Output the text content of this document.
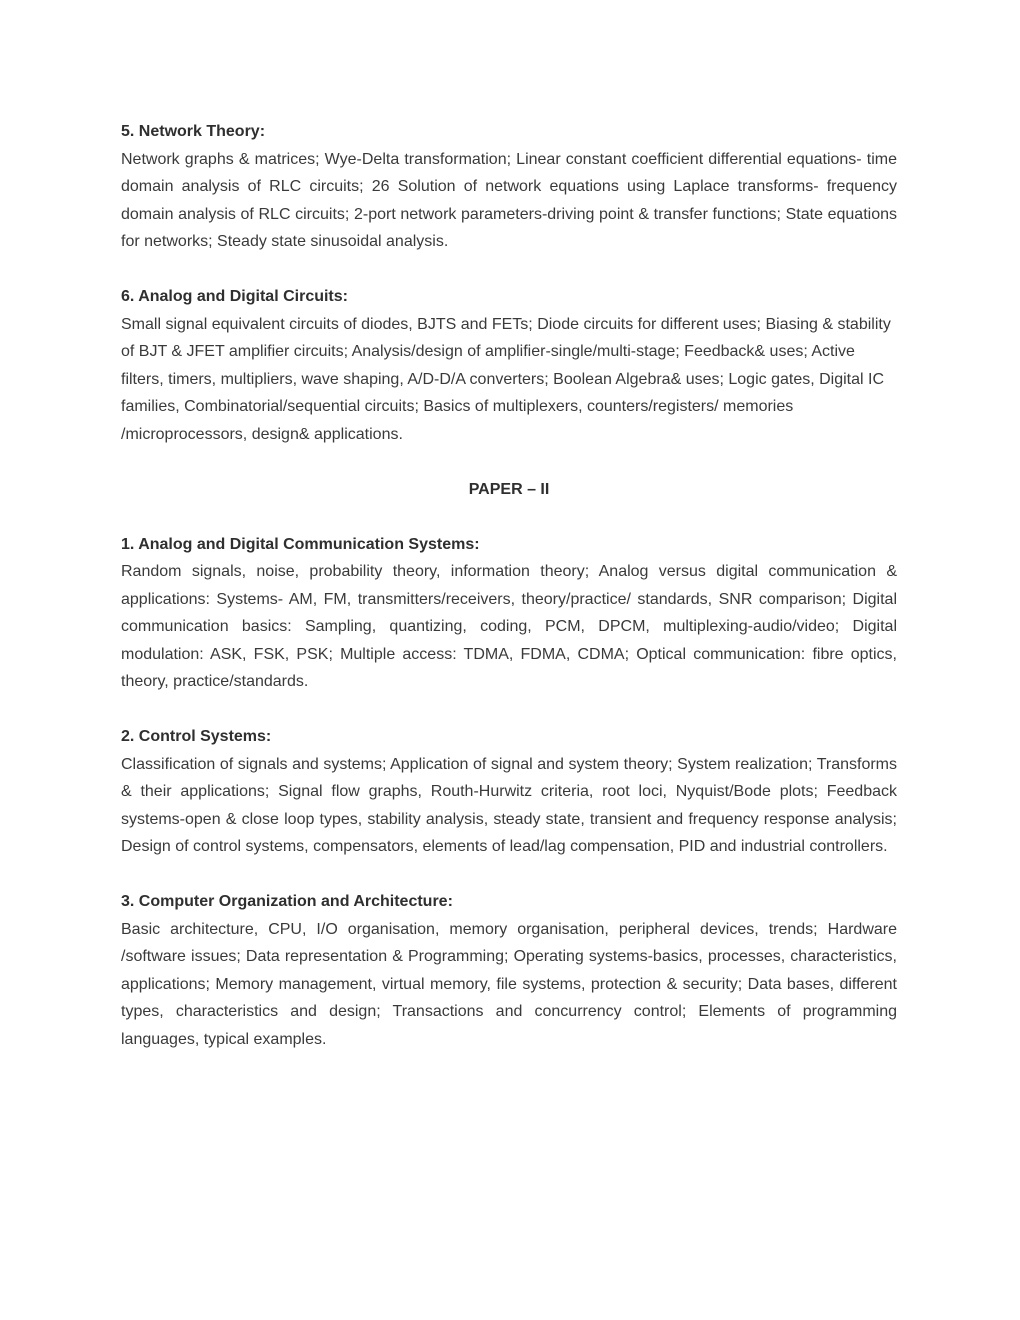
5. Network Theory:

Network graphs & matrices; Wye-Delta transformation; Linear constant coefficient differential equations- time domain analysis of RLC circuits; 26 Solution of network equations using Laplace transforms- frequency domain analysis of RLC circuits; 2-port network parameters-driving point & transfer functions; State equations for networks; Steady state sinusoidal analysis.

6. Analog and Digital Circuits:

Small signal equivalent circuits of diodes, BJTS and FETs; Diode circuits for different uses; Biasing & stability of BJT & JFET amplifier circuits; Analysis/design of amplifier-single/multi-stage; Feedback& uses; Active filters, timers, multipliers, wave shaping, A/D-D/A converters; Boolean Algebra& uses; Logic gates, Digital IC families, Combinatorial/sequential circuits; Basics of multiplexers, counters/registers/ memories /microprocessors, design& applications.

PAPER – II
1. Analog and Digital Communication Systems:

Random signals, noise, probability theory, information theory; Analog versus digital communication & applications: Systems- AM, FM, transmitters/receivers, theory/practice/ standards, SNR comparison; Digital communication basics: Sampling, quantizing, coding, PCM, DPCM, multiplexing-audio/video; Digital modulation: ASK, FSK, PSK; Multiple access: TDMA, FDMA, CDMA; Optical communication: fibre optics, theory, practice/standards.

2. Control Systems:

Classification of signals and systems; Application of signal and system theory; System realization; Transforms & their applications; Signal flow graphs, Routh-Hurwitz criteria, root loci, Nyquist/Bode plots; Feedback systems-open & close loop types, stability analysis, steady state, transient and frequency response analysis; Design of control systems, compensators, elements of lead/lag compensation, PID and industrial controllers.

3. Computer Organization and Architecture:

Basic architecture, CPU, I/O organisation, memory organisation, peripheral devices, trends; Hardware /software issues; Data representation & Programming; Operating systems-basics, processes, characteristics, applications; Memory management, virtual memory, file systems, protection & security; Data bases, different types, characteristics and design; Transactions and concurrency control; Elements of programming languages, typical examples.
